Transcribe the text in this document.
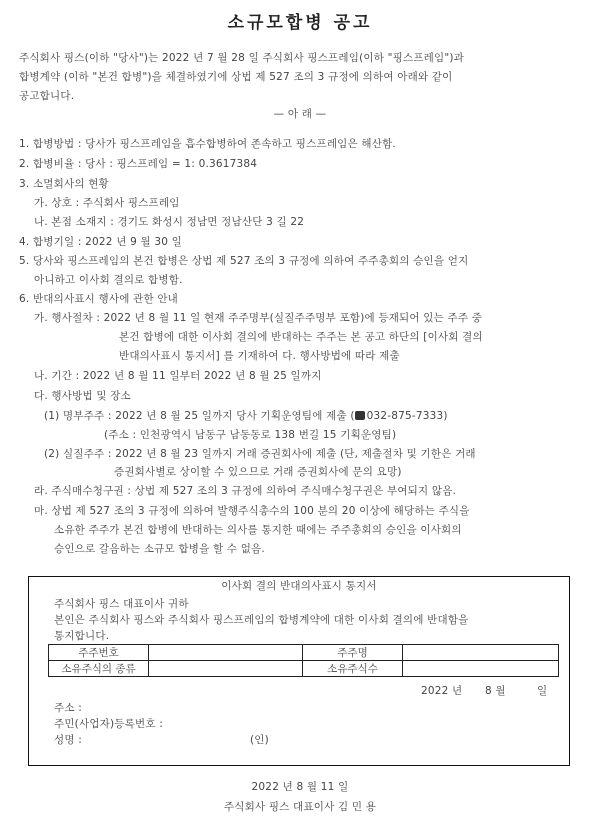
소규모합병 공고
주식회사 핑스(이하 "당사")는 2022 년 7 월 28 일 주식회사 핑스프레임(이하 "핑스프레임")과
합병계약 (이하 "본건 합병")을 체결하였기에 상법 제 527 조의 3 규정에 의하여 아래와 같이
공고합니다.
— 아 래 —
1. 합병방법 : 당사가 핑스프레임을 흡수합병하여 존속하고 핑스프레임은 해산함.
2. 합병비율 : 당사 : 핑스프레임 = 1: 0.3617384
3. 소멸회사의 현황
가. 상호 : 주식회사 핑스프레임
나. 본점 소재지 : 경기도 화성시 정남면 정남산단 3 길 22
4. 합병기일 : 2022 년 9 월 30 일
5. 당사와 핑스프레임의 본건 합병은 상법 제 527 조의 3 규정에 의하여 주주총회의 승인을 얻지
아니하고 이사회 결의로 합병함.
6. 반대의사표시 행사에 관한 안내
가. 행사절차 : 2022 년 8 월 11 일 현재 주주명부(실질주주명부 포함)에 등재되어 있는 주주 중
본건 합병에 대한 이사회 결의에 반대하는 주주는 본 공고 하단의 [이사회 결의
반대의사표시 통지서] 를 기재하여 다. 행사방법에 따라 제출
나. 기간 : 2022 년 8 월 11 일부터 2022 년 8 월 25 일까지
다. 행사방법 및 장소
(1) 명부주주 : 2022 년 8 월 25 일까지 당사 기획운영팀에 제출 ( 032-875-7333)
(주소 : 인천광역시 남동구 남동동로 138 번길 15 기획운영팀)
(2) 실질주주 : 2022 년 8 월 23 일까지 거래 증권회사에 제출 (단, 제출절차 및 기한은 거래
증권회사별로 상이할 수 있으므로 거래 증권회사에 문의 요망)
라. 주식매수청구권 : 상법 제 527 조의 3 규정에 의하여 주식매수청구권은 부여되지 않음.
마. 상법 제 527 조의 3 규정에 의하여 발행주식총수의 100 분의 20 이상에 해당하는 주식을
소유한 주주가 본건 합병에 반대하는 의사를 통지한 때에는 주주총회의 승인을 이사회의
승인으로 갈음하는 소규모 합병을 할 수 없음.
이사회 결의 반대의사표시 통지서
주식회사 핑스 대표이사 귀하
본인은 주식회사 핑스와 주식회사 핑스프레임의 합병계약에 대한 이사회 결의에 반대함을
통지합니다.
주주번호		주주명	
소유주식의 종류		소유주식수	
2022 년 8 월	일
주소 :
주민(사업자)등록번호 :
성명 :	(인)
2022 년 8 월 11 일
주식회사 핑스 대표이사 김 민 용
